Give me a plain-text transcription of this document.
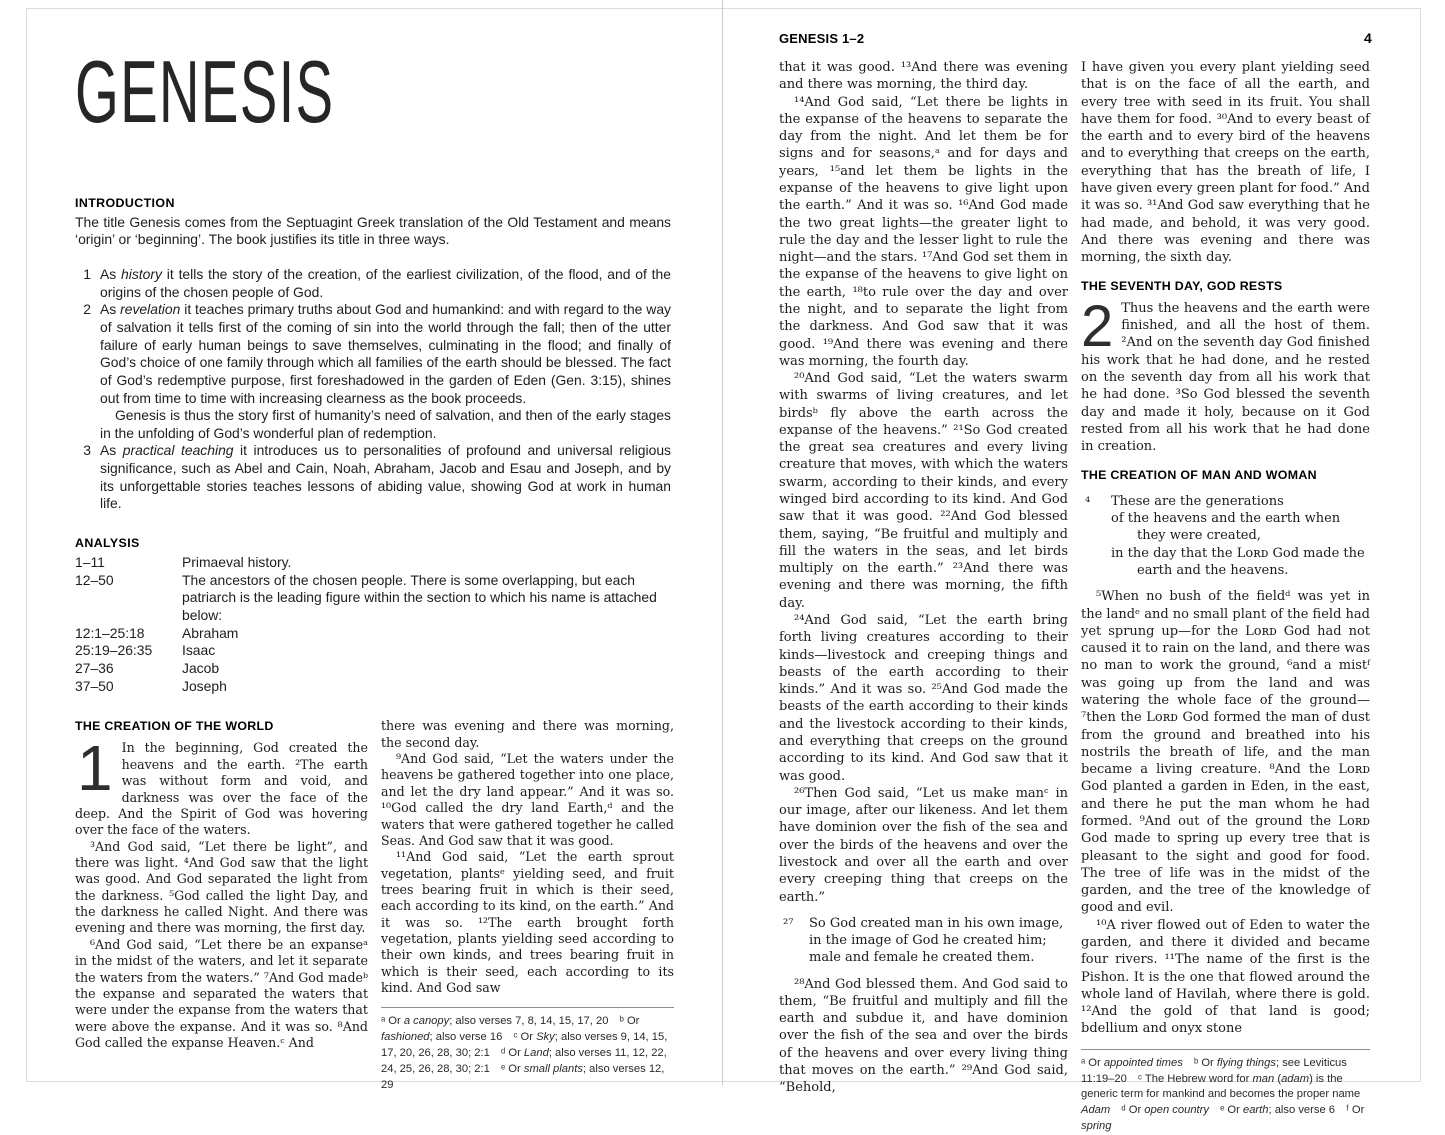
GENESIS
INTRODUCTION

The title Genesis comes from the Septuagint Greek translation of the Old Testament and means ‘origin’ or ‘beginning’. The book justifies its title in three ways.

1 As history it tells the story of the creation, of the earliest civilization, of the flood, and of the origins of the chosen people of God.

2 As revelation it teaches primary truths about God and humankind: and with regard to the way of salvation it tells first of the coming of sin into the world through the fall; then of the utter failure of early human beings to save themselves, culminating in the flood; and finally of God’s choice of one family through which all families of the earth should be blessed. The fact of God’s redemptive purpose, first foreshadowed in the garden of Eden (Gen. 3:15), shines out from time to time with increasing clearness as the book proceeds.

Genesis is thus the story first of humanity’s need of salvation, and then of the early stages in the unfolding of God’s wonderful plan of redemption.

3 As practical teaching it introduces us to personalities of profound and universal religious significance, such as Abel and Cain, Noah, Abraham, Jacob and Esau and Joseph, and by its unforgettable stories teaches lessons of abiding value, showing God at work in human life.

ANALYSIS
1–11	Primaeval history.
12–50	The ancestors of the chosen people. There is some overlapping, but each patriarch is the leading figure within the section to which his name is attached below:
12:1–25:18	Abraham
25:19–26:35	Isaac
27–36	Jacob
37–50	Joseph
THE CREATION OF THE WORLD

1 In the beginning, God created the heavens and the earth. ²The earth was without form and void, and darkness was over the face of the deep. And the Spirit of God was hovering over the face of the waters.

³And God said, “Let there be light”, and there was light. ⁴And God saw that the light was good. And God separated the light from the darkness. ⁵God called the light Day, and the darkness he called Night. And there was evening and there was morning, the first day.

⁶And God said, “Let there be an expanseᵃ in the midst of the waters, and let it separate the waters from the waters.” ⁷And God madeᵇ the expanse and separated the waters that were under the expanse from the waters that were above the expanse. And it was so. ⁸And God called the expanse Heaven.ᶜ And

there was evening and there was morning, the second day.

⁹And God said, “Let the waters under the heavens be gathered together into one place, and let the dry land appear.” And it was so. ¹⁰God called the dry land Earth,ᵈ and the waters that were gathered together he called Seas. And God saw that it was good.

¹¹And God said, “Let the earth sprout vegetation, plantsᵉ yielding seed, and fruit trees bearing fruit in which is their seed, each according to its kind, on the earth.” And it was so. ¹²The earth brought forth vegetation, plants yielding seed according to their own kinds, and trees bearing fruit in which is their seed, each according to its kind. And God saw

ᵃ Or a canopy; also verses 7, 8, 14, 15, 17, 20  ᵇ Or fashioned; also verse 16  ᶜ Or Sky; also verses 9, 14, 15, 17, 20, 26, 28, 30; 2:1  ᵈ Or Land; also verses 11, 12, 22, 24, 25, 26, 28, 30; 2:1  ᵉ Or small plants; also verses 12, 29
GENESIS 1–2	4

that it was good. ¹³And there was evening and there was morning, the third day.

¹⁴And God said, “Let there be lights in the expanse of the heavens to separate the day from the night. And let them be for signs and for seasons,ᵃ and for days and years, ¹⁵and let them be lights in the expanse of the heavens to give light upon the earth.” And it was so. ¹⁶And God made the two great lights—the greater light to rule the day and the lesser light to rule the night—and the stars. ¹⁷And God set them in the expanse of the heavens to give light on the earth, ¹⁸to rule over the day and over the night, and to separate the light from the darkness. And God saw that it was good. ¹⁹And there was evening and there was morning, the fourth day.

²⁰And God said, “Let the waters swarm with swarms of living creatures, and let birdsᵇ fly above the earth across the expanse of the heavens.” ²¹So God created the great sea creatures and every living creature that moves, with which the waters swarm, according to their kinds, and every winged bird according to its kind. And God saw that it was good. ²²And God blessed them, saying, “Be fruitful and multiply and fill the waters in the seas, and let birds multiply on the earth.” ²³And there was evening and there was morning, the fifth day.

²⁴And God said, “Let the earth bring forth living creatures according to their kinds—livestock and creeping things and beasts of the earth according to their kinds.” And it was so. ²⁵And God made the beasts of the earth according to their kinds and the livestock according to their kinds, and everything that creeps on the ground according to its kind. And God saw that it was good.

²⁶Then God said, “Let us make manᶜ in our image, after our likeness. And let them have dominion over the fish of the sea and over the birds of the heavens and over the livestock and over all the earth and over every creeping thing that creeps on the earth.”

²⁷	So God created man in his own image,
in the image of God he created him;
male and female he created them.

²⁸And God blessed them. And God said to them, “Be fruitful and multiply and fill the earth and subdue it, and have dominion over the fish of the sea and over the birds of the heavens and over every living thing that moves on the earth.” ²⁹And God said, “Behold,

I have given you every plant yielding seed that is on the face of all the earth, and every tree with seed in its fruit. You shall have them for food. ³⁰And to every beast of the earth and to every bird of the heavens and to everything that creeps on the earth, everything that has the breath of life, I have given every green plant for food.” And it was so. ³¹And God saw everything that he had made, and behold, it was very good. And there was evening and there was morning, the sixth day.

THE SEVENTH DAY, GOD RESTS

2 Thus the heavens and the earth were finished, and all the host of them. ²And on the seventh day God finished his work that he had done, and he rested on the seventh day from all his work that he had done. ³So God blessed the seventh day and made it holy, because on it God rested from all his work that he had done in creation.

THE CREATION OF MAN AND WOMAN
⁴	These are the generations
of the heavens and the earth when they were created,
in the day that the Lᴏʀᴅ God made the earth and the heavens.

⁵When no bush of the fieldᵈ was yet in the landᵉ and no small plant of the field had yet sprung up—for the Lᴏʀᴅ God had not caused it to rain on the land, and there was no man to work the ground, ⁶and a mistᶠ was going up from the land and was watering the whole face of the ground— ⁷then the Lᴏʀᴅ God formed the man of dust from the ground and breathed into his nostrils the breath of life, and the man became a living creature. ⁸And the Lᴏʀᴅ God planted a garden in Eden, in the east, and there he put the man whom he had formed. ⁹And out of the ground the Lᴏʀᴅ God made to spring up every tree that is pleasant to the sight and good for food. The tree of life was in the midst of the garden, and the tree of the knowledge of good and evil.

¹⁰A river flowed out of Eden to water the garden, and there it divided and became four rivers. ¹¹The name of the first is the Pishon. It is the one that flowed around the whole land of Havilah, where there is gold. ¹²And the gold of that land is good; bdellium and onyx stone

ᵃ Or appointed times  ᵇ Or flying things; see Leviticus 11:19–20  ᶜ The Hebrew word for man (adam) is the generic term for mankind and becomes the proper name Adam  ᵈ Or open country  ᵉ Or earth; also verse 6  ᶠ Or spring
